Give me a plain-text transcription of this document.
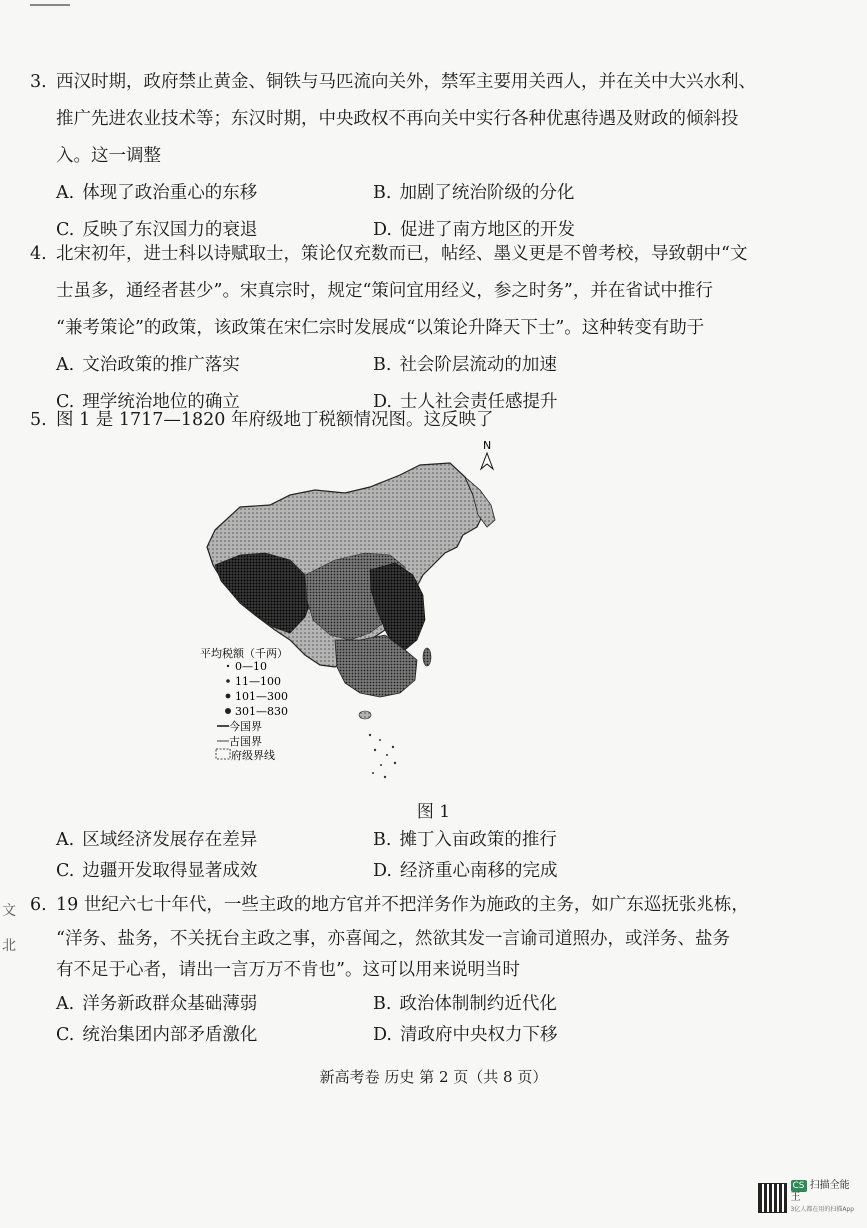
3. 西汉时期，政府禁止黄金、铜铁与马匹流向关外，禁军主要用关西人，并在关中大兴水利、

推广先进农业技术等；东汉时期，中央政权不再向关中实行各种优惠待遇及财政的倾斜投

入。这一调整

A. 体现了政治重心的东移	B. 加剧了统治阶级的分化
C. 反映了东汉国力的衰退	D. 促进了南方地区的开发

4. 北宋初年，进士科以诗赋取士，策论仅充数而已，帖经、墨义更是不曾考校，导致朝中“文

士虽多，通经者甚少”。宋真宗时，规定“策问宜用经义，参之时务”，并在省试中推行

“兼考策论”的政策，该政策在宋仁宗时发展成“以策论升降天下士”。这种转变有助于

A. 文治政策的推广落实	B. 社会阶层流动的加速
C. 理学统治地位的确立	D. 士人社会责任感提升

5. 图 1 是 1717—1820 年府级地丁税额情况图。这反映了

N
平均税额（千两）
0—10
11—100
101—300
301—830
今国界
古国界
府级界线
图 1
A. 区域经济发展存在差异	B. 摊丁入亩政策的推行
C. 边疆开发取得显著成效	D. 经济重心南移的完成

6. 19 世纪六七十年代，一些主政的地方官并不把洋务作为施政的主务，如广东巡抚张兆栋，

“洋务、盐务，不关抚台主政之事，亦喜闻之，然欲其发一言谕司道照办，或洋务、盐务

有不足于心者，请出一言万万不肯也”。这可以用来说明当时

A. 洋务新政群众基础薄弱	B. 政治体制制约近代化
C. 统治集团内部矛盾激化	D. 清政府中央权力下移
文
北
新高考卷 历史 第 2 页（共 8 页）
CS 扫描全能王
3亿人都在用的扫描App
